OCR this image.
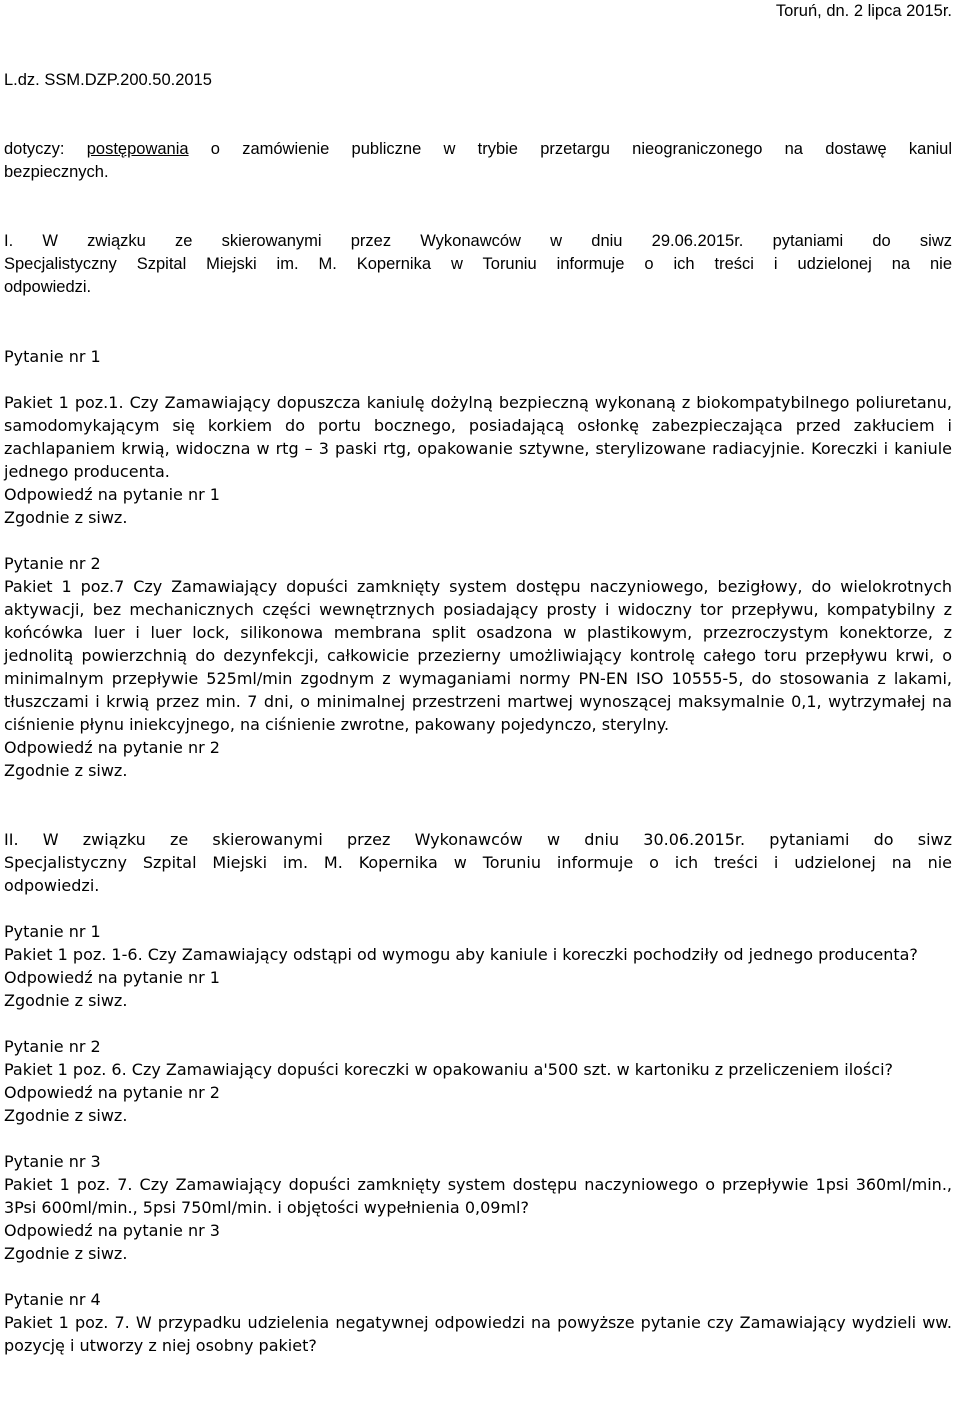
Toruń, dn. 2 lipca 2015r.

L.dz. SSM.DZP.200.50.2015

dotyczy: postępowania o zamówienie publiczne w trybie przetargu nieograniczonego na dostawę kaniul

bezpiecznych.

I. W związku ze skierowanymi przez Wykonawców w dniu 29.06.2015r. pytaniami do siwz

Specjalistyczny Szpital Miejski im. M. Kopernika w Toruniu informuje o ich treści i udzielonej na nie

odpowiedzi.

Pytanie nr 1

Pakiet 1 poz.1. Czy Zamawiający dopuszcza kaniulę dożylną bezpieczną wykonaną z biokompatybilnego poliuretanu, samodomykającym się korkiem do portu bocznego, posiadającą osłonkę zabezpieczająca przed zakłuciem i zachlapaniem krwią, widoczna w rtg – 3 paski rtg, opakowanie sztywne, sterylizowane radiacyjnie. Koreczki i kaniule jednego producenta.

Odpowiedź na pytanie nr 1

Zgodnie z siwz.

Pytanie nr 2

Pakiet 1 poz.7 Czy Zamawiający dopuści zamknięty system dostępu naczyniowego, bezigłowy, do wielokrotnych aktywacji, bez mechanicznych części wewnętrznych posiadający prosty i widoczny tor przepływu, kompatybilny z końcówka luer i luer lock, silikonowa membrana split osadzona w plastikowym, przezroczystym konektorze, z jednolitą powierzchnią do dezynfekcji, całkowicie przezierny umożliwiający kontrolę całego toru przepływu krwi, o minimalnym przepływie 525ml/min zgodnym z wymaganiami normy PN-EN ISO 10555-5, do stosowania z lakami, tłuszczami i krwią przez min. 7 dni, o minimalnej przestrzeni martwej wynoszącej maksymalnie 0,1, wytrzymałej na ciśnienie płynu iniekcyjnego, na ciśnienie zwrotne, pakowany pojedynczo, sterylny.

Odpowiedź na pytanie nr 2

Zgodnie z siwz.

II. W związku ze skierowanymi przez Wykonawców w dniu 30.06.2015r. pytaniami do siwz

Specjalistyczny Szpital Miejski im. M. Kopernika w Toruniu informuje o ich treści i udzielonej na nie

odpowiedzi.

Pytanie nr 1

Pakiet 1 poz. 1-6. Czy Zamawiający odstąpi od wymogu aby kaniule i koreczki pochodziły od jednego producenta?

Odpowiedź na pytanie nr 1

Zgodnie z siwz.

Pytanie nr 2

Pakiet 1 poz. 6. Czy Zamawiający dopuści koreczki w opakowaniu a'500 szt. w kartoniku z przeliczeniem ilości?

Odpowiedź na pytanie nr 2

Zgodnie z siwz.

Pytanie nr 3

Pakiet 1 poz. 7. Czy Zamawiający dopuści zamknięty system dostępu naczyniowego o przepływie 1psi 360ml/min., 3Psi 600ml/min., 5psi 750ml/min. i objętości wypełnienia 0,09ml?

Odpowiedź na pytanie nr 3

Zgodnie z siwz.

Pytanie nr 4

Pakiet 1 poz. 7. W przypadku udzielenia negatywnej odpowiedzi na powyższe pytanie czy Zamawiający wydzieli ww. pozycję i utworzy z niej osobny pakiet?
